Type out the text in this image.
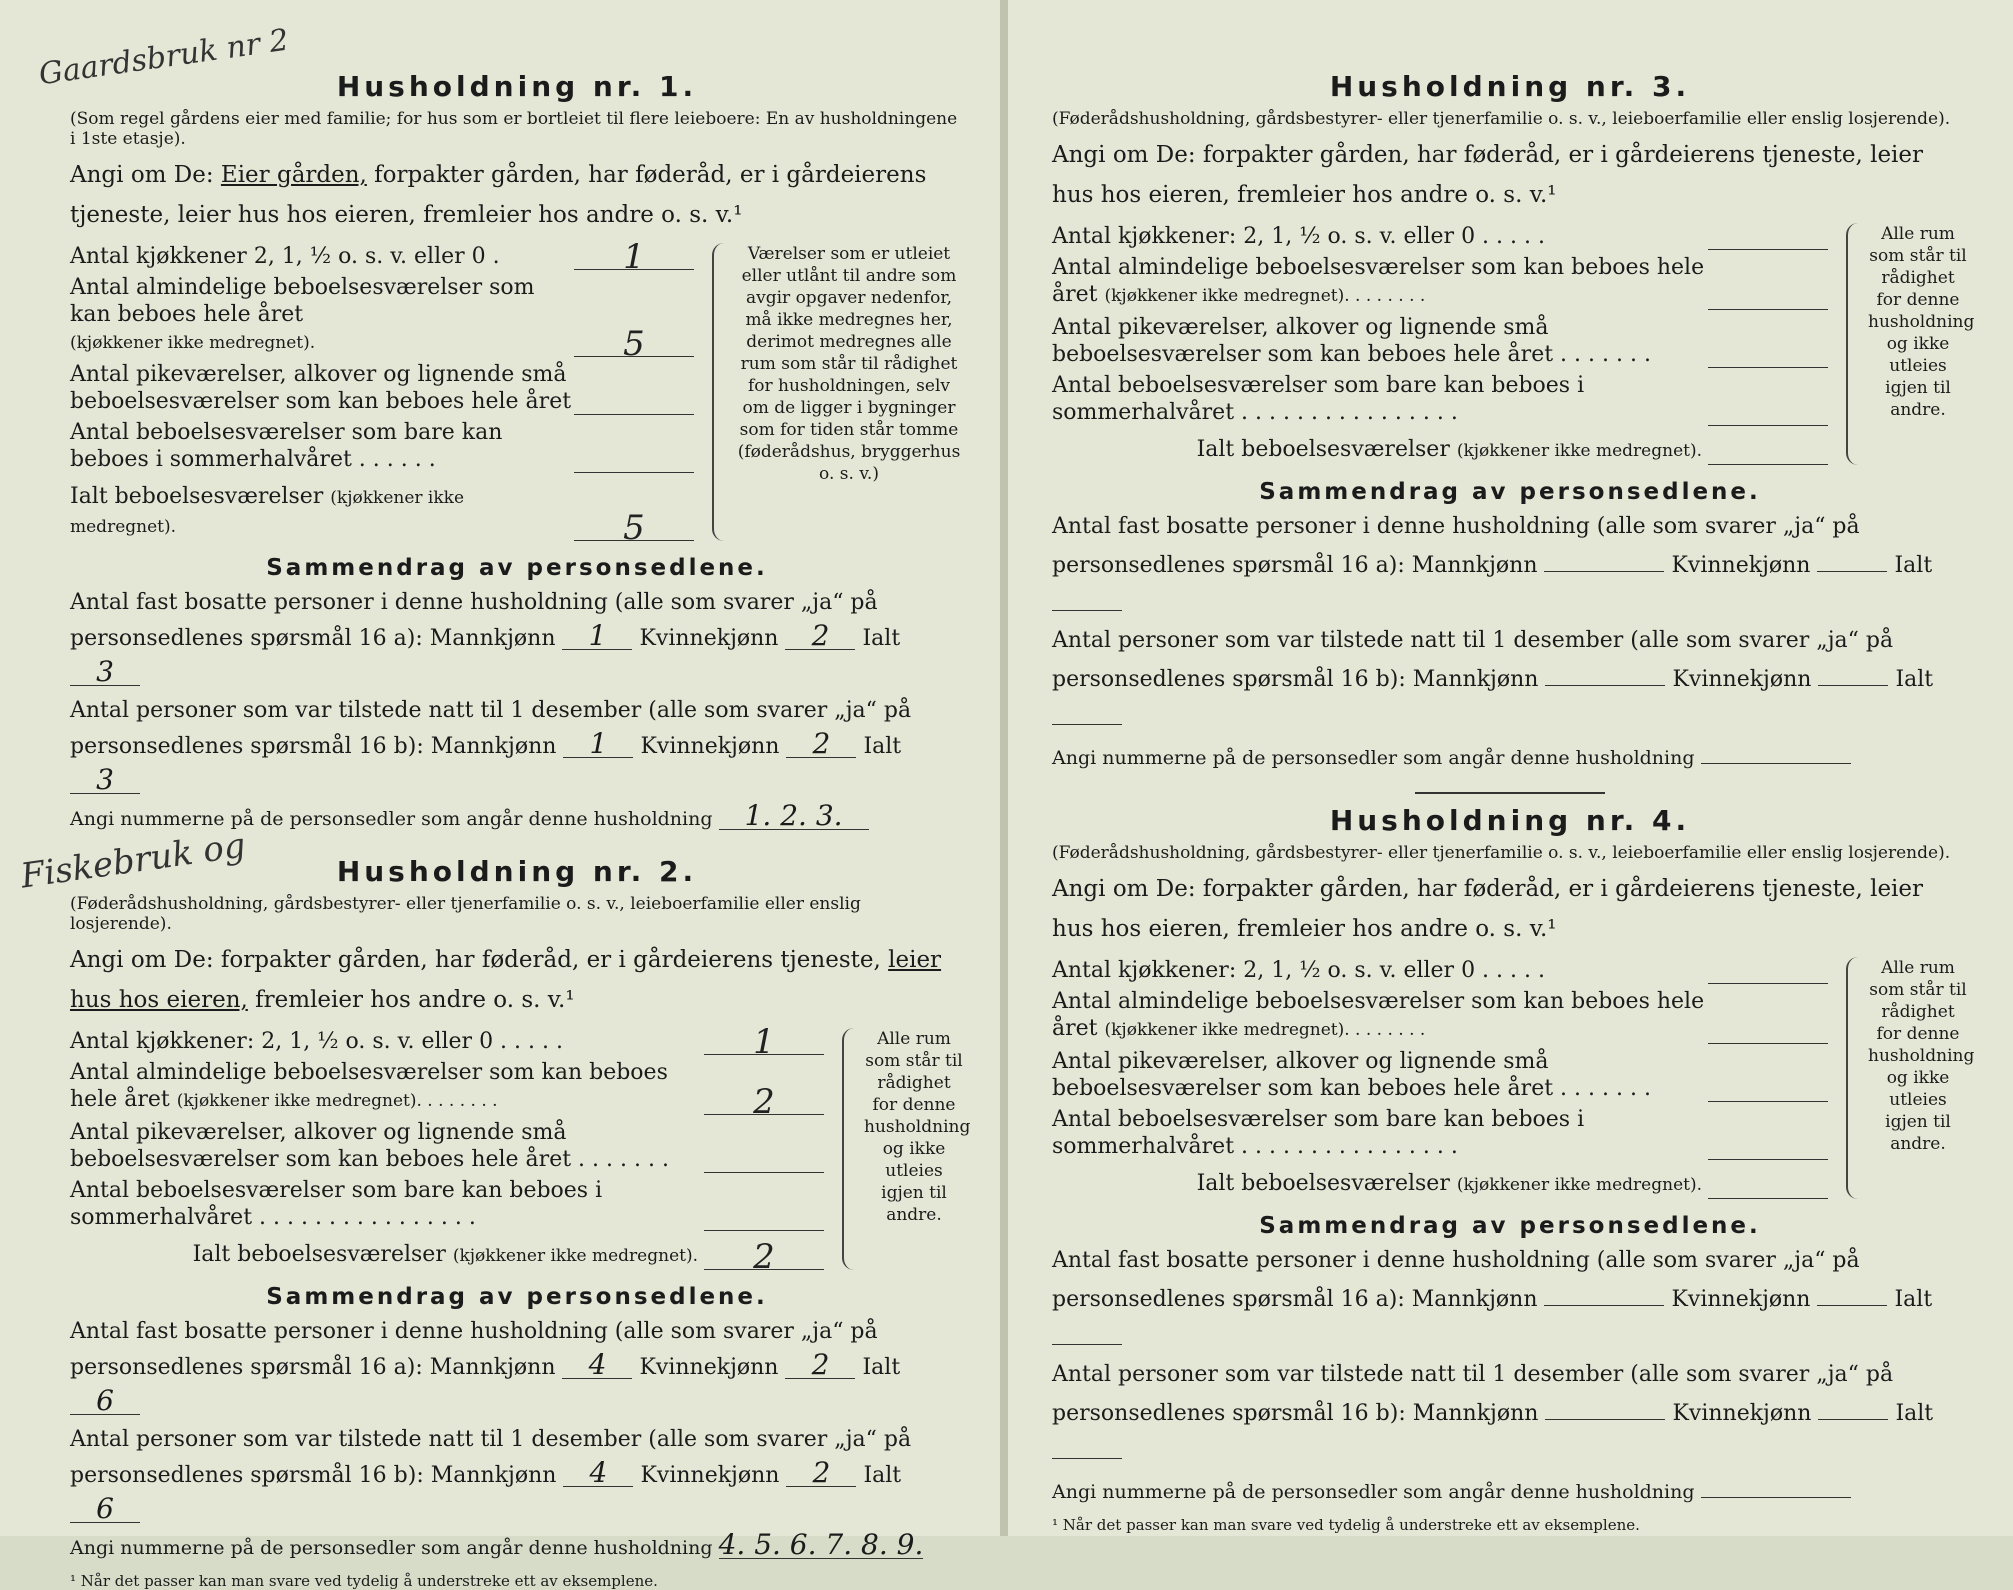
Gaardsbruk nr 2	Husholdning nr. 1.

(Som regel gårdens eier med familie; for hus som er bortleiet til flere leieboere: En av husholdningene i 1ste etasje).

Angi om De: Eier gården, forpakter gården, har føderåd, er i gårdeierens tjeneste, leier hus hos eieren, fremleier hos andre o. s. v.¹

Antal kjøkkener 2, 1, ½ o. s. v. eller 0 .	1
Antal almindelige beboelsesværelser som kan beboes hele året
(kjøkkener ikke medregnet).	5
Antal pikeværelser, alkover og lignende små beboelsesværelser som kan beboes hele året
Antal beboelsesværelser som bare kan beboes i sommerhalvåret . . . . . .
Ialt beboelsesværelser (kjøkkener ikke medregnet).	5
Værelser som er utleiet eller utlånt til andre som avgir opgaver nedenfor, må ikke medregnes her, derimot medregnes alle rum som står til rådighet for husholdningen, selv om de ligger i bygninger som for tiden står tomme (føderådshus, bryggerhus o. s. v.)
Sammendrag av personsedlene.

Antal fast bosatte personer i denne husholdning (alle som svarer „ja“ på personsedlenes spørsmål 16 a): Mannkjønn 1 Kvinnekjønn 2 Ialt 3

Antal personer som var tilstede natt til 1 desember (alle som svarer „ja“ på personsedlenes spørsmål 16 b): Mannkjønn 1 Kvinnekjønn 2 Ialt 3

Angi nummerne på de personsedler som angår denne husholdning 1. 2. 3.

Fiskebruk og	Husholdning nr. 2.

(Føderådshusholdning, gårdsbestyrer- eller tjenerfamilie o. s. v., leieboerfamilie eller enslig losjerende).

Angi om De: forpakter gården, har føderåd, er i gårdeierens tjeneste, leier hus hos eieren, fremleier hos andre o. s. v.¹

Antal kjøkkener: 2, 1, ½ o. s. v. eller 0 . . . . .	1
Antal almindelige beboelsesværelser som kan beboes hele året (kjøkkener ikke medregnet). . . . . . . .	2
Antal pikeværelser, alkover og lignende små beboelsesværelser som kan beboes hele året . . . . . . .
Antal beboelsesværelser som bare kan beboes i sommerhalvåret . . . . . . . . . . . . . . . .
Ialt beboelsesværelser (kjøkkener ikke medregnet).	2
Alle rum som står til rådighet for denne husholdning og ikke utleies igjen til andre.
Sammendrag av personsedlene.

Antal fast bosatte personer i denne husholdning (alle som svarer „ja“ på personsedlenes spørsmål 16 a): Mannkjønn 4 Kvinnekjønn 2 Ialt 6

Antal personer som var tilstede natt til 1 desember (alle som svarer „ja“ på personsedlenes spørsmål 16 b): Mannkjønn 4 Kvinnekjønn 2 Ialt 6

Angi nummerne på de personsedler som angår denne husholdning 4. 5. 6. 7. 8. 9.

¹ Når det passer kan man svare ved tydelig å understreke ett av eksemplene.
Husholdning nr. 3.

(Føderådshusholdning, gårdsbestyrer- eller tjenerfamilie o. s. v., leieboerfamilie eller enslig losjerende).

Angi om De: forpakter gården, har føderåd, er i gårdeierens tjeneste, leier hus hos eieren, fremleier hos andre o. s. v.¹

Antal kjøkkener: 2, 1, ½ o. s. v. eller 0 . . . . .
Antal almindelige beboelsesværelser som kan beboes hele året (kjøkkener ikke medregnet). . . . . . . .
Antal pikeværelser, alkover og lignende små beboelsesværelser som kan beboes hele året . . . . . . .
Antal beboelsesværelser som bare kan beboes i sommerhalvåret . . . . . . . . . . . . . . . .
Ialt beboelsesværelser (kjøkkener ikke medregnet).
Alle rum som står til rådighet for denne husholdning og ikke utleies igjen til andre.
Sammendrag av personsedlene.

Antal fast bosatte personer i denne husholdning (alle som svarer „ja“ på personsedlenes spørsmål 16 a): Mannkjønn	Kvinnekjønn	Ialt

Antal personer som var tilstede natt til 1 desember (alle som svarer „ja“ på personsedlenes spørsmål 16 b): Mannkjønn	Kvinnekjønn	Ialt

Angi nummerne på de personsedler som angår denne husholdning

Husholdning nr. 4.

(Føderådshusholdning, gårdsbestyrer- eller tjenerfamilie o. s. v., leieboerfamilie eller enslig losjerende).

Angi om De: forpakter gården, har føderåd, er i gårdeierens tjeneste, leier hus hos eieren, fremleier hos andre o. s. v.¹

Antal kjøkkener: 2, 1, ½ o. s. v. eller 0 . . . . .
Antal almindelige beboelsesværelser som kan beboes hele året (kjøkkener ikke medregnet). . . . . . . .
Antal pikeværelser, alkover og lignende små beboelsesværelser som kan beboes hele året . . . . . . .
Antal beboelsesværelser som bare kan beboes i sommerhalvåret . . . . . . . . . . . . . . . .
Ialt beboelsesværelser (kjøkkener ikke medregnet).
Alle rum som står til rådighet for denne husholdning og ikke utleies igjen til andre.
Sammendrag av personsedlene.

Antal fast bosatte personer i denne husholdning (alle som svarer „ja“ på personsedlenes spørsmål 16 a): Mannkjønn	Kvinnekjønn	Ialt

Antal personer som var tilstede natt til 1 desember (alle som svarer „ja“ på personsedlenes spørsmål 16 b): Mannkjønn	Kvinnekjønn	Ialt

Angi nummerne på de personsedler som angår denne husholdning

¹ Når det passer kan man svare ved tydelig å understreke ett av eksemplene.
